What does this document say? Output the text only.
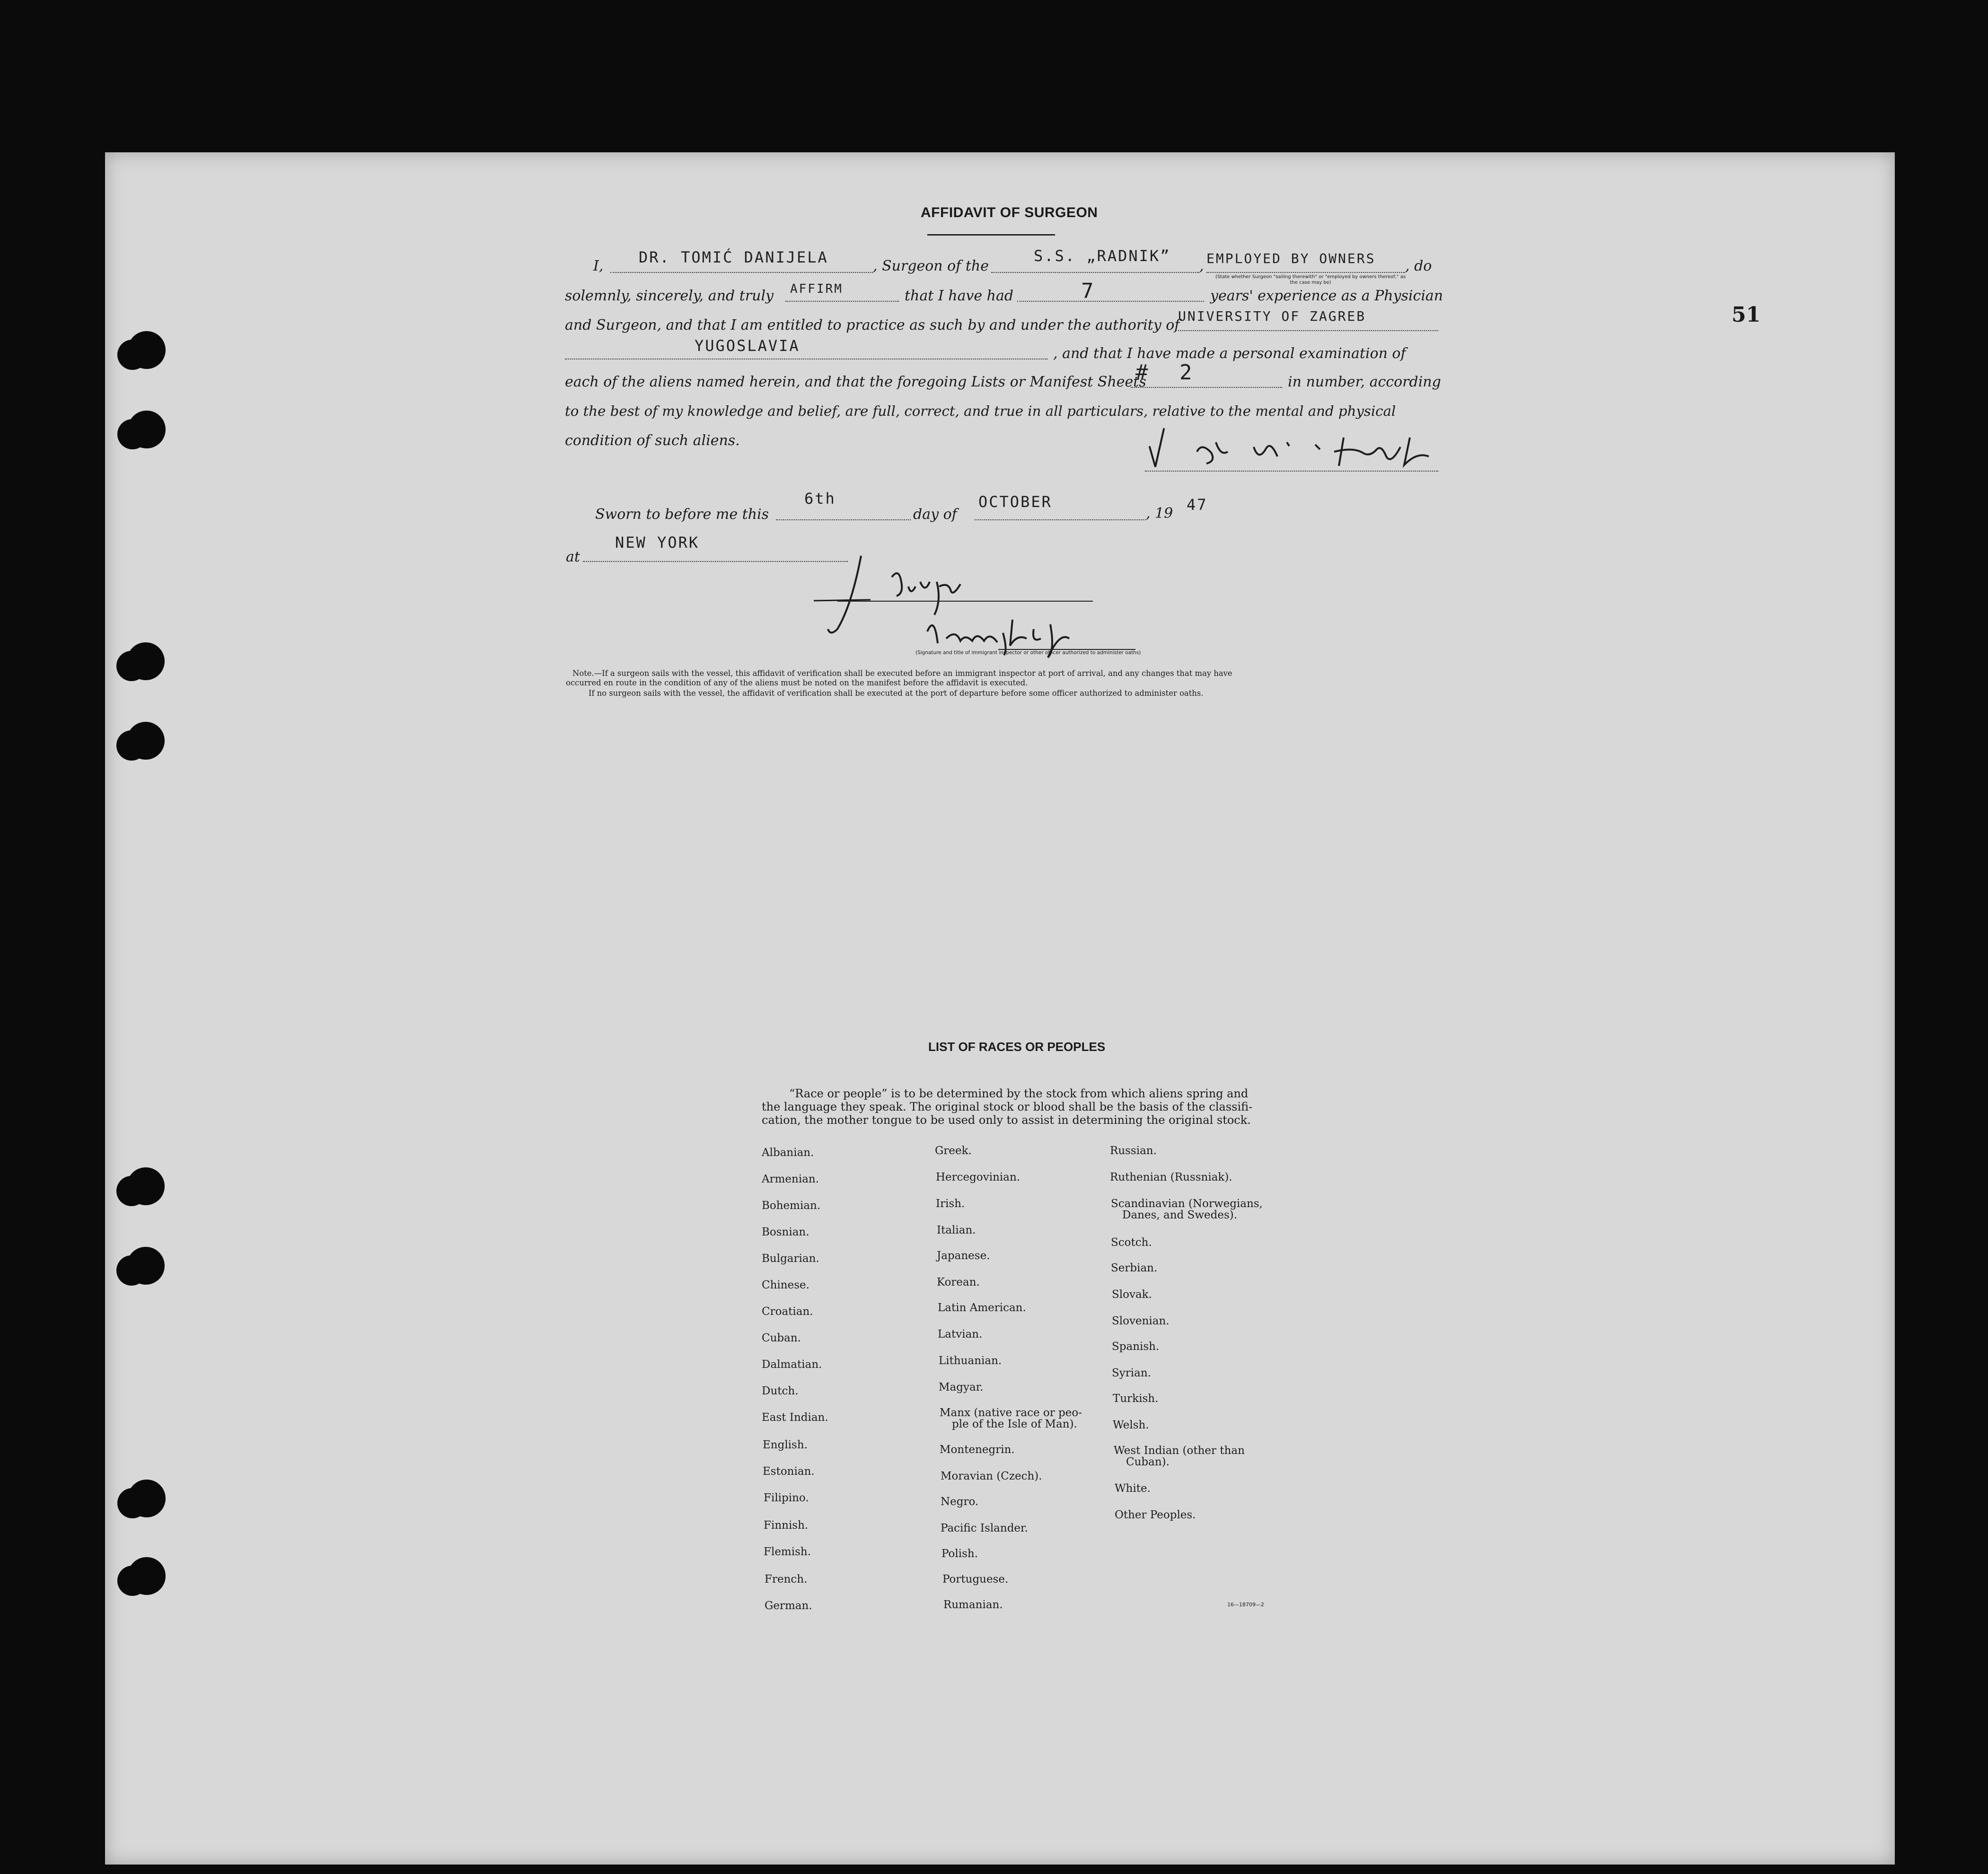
51
AFFIDAVIT OF SURGEON
I, DR. TOMIĆ DANIJELA	, Surgeon of the
S.S. „RADNIK”
, EMPLOYED BY OWNERS , do
(State whether Surgeon "sailing therewith" or "employed by owners thereof," as the case may be)
solemnly, sincerely, and truly AFFIRM	that I have had	7	years' experience as a Physician
and Surgeon, and that I am entitled to practice as such by and under the authority of
UNIVERSITY OF ZAGREB
YUGOSLAVIA	, and that I have made a personal examination of
each of the aliens named herein, and that the foregoing Lists or Manifest Sheets
# 2	in number, according
to the best of my knowledge and belief, are full, correct, and true in all particulars, relative to the mental and physical
condition of such aliens.
Sworn to before me this
6th
day of
OCTOBER
, 19 47
at
NEW YORK
(Signature and title of immigrant inspector or other officer authorized to administer oaths)
Note.—If a surgeon sails with the vessel, this affidavit of verification shall be executed before an immigrant inspector at port of arrival, and any changes that may have
occurred en route in the condition of any of the aliens must be noted on the manifest before the affidavit is executed.
If no surgeon sails with the vessel, the affidavit of verification shall be executed at the port of departure before some officer authorized to administer oaths.
LIST OF RACES OR PEOPLES
“Race or people” is to be determined by the stock from which aliens spring and
the language they speak. The original stock or blood shall be the basis of the classifi-
cation, the mother tongue to be used only to assist in determining the original stock.
Albanian.
Armenian.
Bohemian.
Bosnian.
Bulgarian.
Chinese.
Croatian.
Cuban.
Dalmatian.
Dutch.
East Indian.
English.
Estonian.
Filipino.
Finnish.
Flemish.
French.
German.
Greek.
Hercegovinian.
Irish.
Italian.
Japanese.
Korean.
Latin American.
Latvian.
Lithuanian.
Magyar.
Manx (native race or peo-
ple of the Isle of Man).
Montenegrin.
Moravian (Czech).
Negro.
Pacific Islander.
Polish.
Portuguese.
Rumanian.
Russian.
Ruthenian (Russniak).
Scandinavian (Norwegians,
Danes, and Swedes).
Scotch.
Serbian.
Slovak.
Slovenian.
Spanish.
Syrian.
Turkish.
Welsh.
West Indian (other than
Cuban).
White.
Other Peoples.
16—18709—2
